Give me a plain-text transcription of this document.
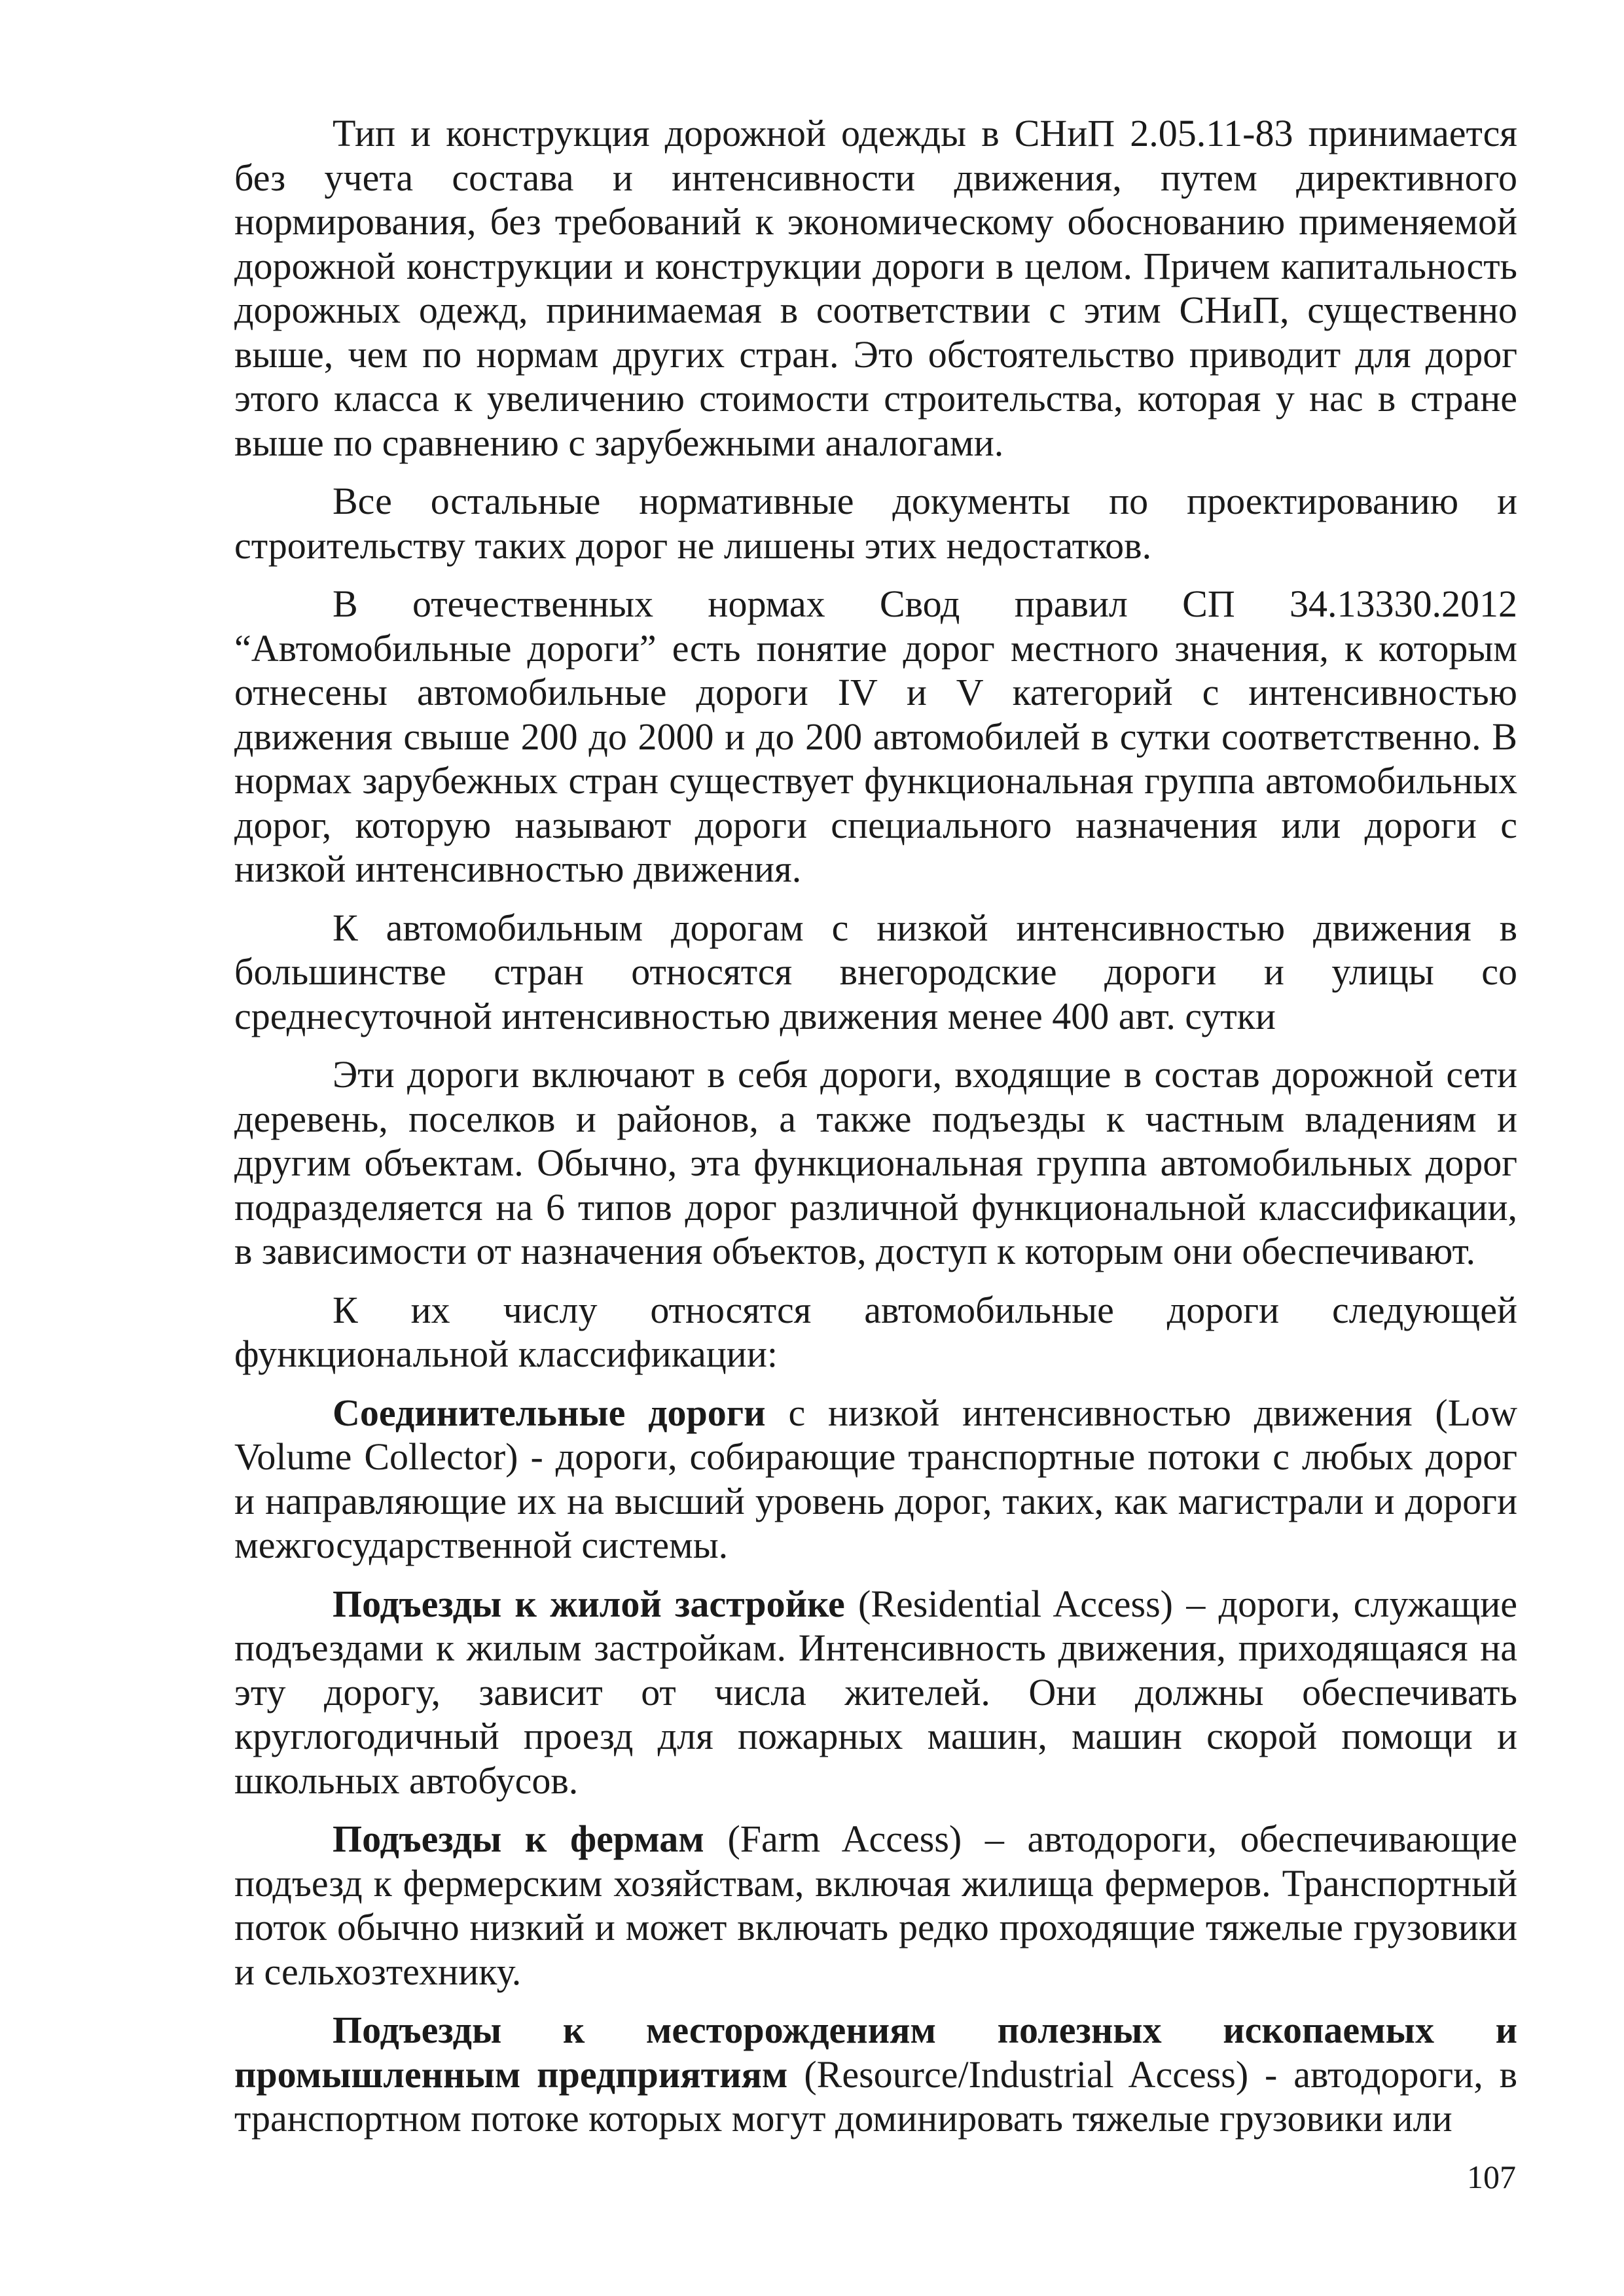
Тип и конструкция дорожной одежды в СНиП 2.05.11-83 принимается без учета состава и интенсивности движения, путем директивного нормирования, без требований к экономическому обоснованию применяемой дорожной конструкции и конструкции дороги в целом. Причем капитальность дорожных одежд, принимаемая в соответствии с этим СНиП, существенно выше, чем по нормам других стран. Это обстоятельство приводит для дорог этого класса к увеличению стоимости строительства, которая у нас в стране выше по сравнению с зарубежными аналогами.

Все остальные нормативные документы по проектированию и строительству таких дорог не лишены этих недостатков.

В отечественных нормах Свод правил СП 34.13330.2012 “Автомобильные дороги” есть понятие дорог местного значения, к которым отнесены автомобильные дороги IV и V категорий с интенсивностью движения свыше 200 до 2000 и до 200 автомобилей в сутки соответственно. В нормах зарубежных стран существует функциональная группа автомобильных дорог, которую называют дороги специального назначения или дороги с низкой интенсивностью движения.

К автомобильным дорогам с низкой интенсивностью движения в большинстве стран относятся внегородские дороги и улицы со среднесуточной интенсивностью движения менее 400 авт. сутки

Эти дороги включают в себя дороги, входящие в состав дорожной сети деревень, поселков и районов, а также подъезды к частным владениям и другим объектам. Обычно, эта функциональная группа автомобильных дорог подразделяется на 6 типов дорог различной функциональной классификации, в зависимости от назначения объектов, доступ к которым они обеспечивают.

К их числу относятся автомобильные дороги следующей функциональной классификации:

Соединительные дороги с низкой интенсивностью движения (Low Volume Collector) - дороги, собирающие транспортные потоки с любых дорог и направляющие их на высший уровень дорог, таких, как магистрали и дороги межгосударственной системы.

Подъезды к жилой застройке (Residential Access) – дороги, служащие подъездами к жилым застройкам. Интенсивность движения, приходящаяся на эту дорогу, зависит от числа жителей. Они должны обеспечивать круглогодичный проезд для пожарных машин, машин скорой помощи и школьных автобусов.

Подъезды к фермам (Farm Access) – автодороги, обеспечивающие подъезд к фермерским хозяйствам, включая жилища фермеров. Транспортный поток обычно низкий и может включать редко проходящие тяжелые грузовики и сельхозтехнику.

Подъезды к месторождениям полезных ископаемых и промышленным предприятиям (Resource/Industrial Access) - автодороги, в транспортном потоке которых могут доминировать тяжелые грузовики или

107
